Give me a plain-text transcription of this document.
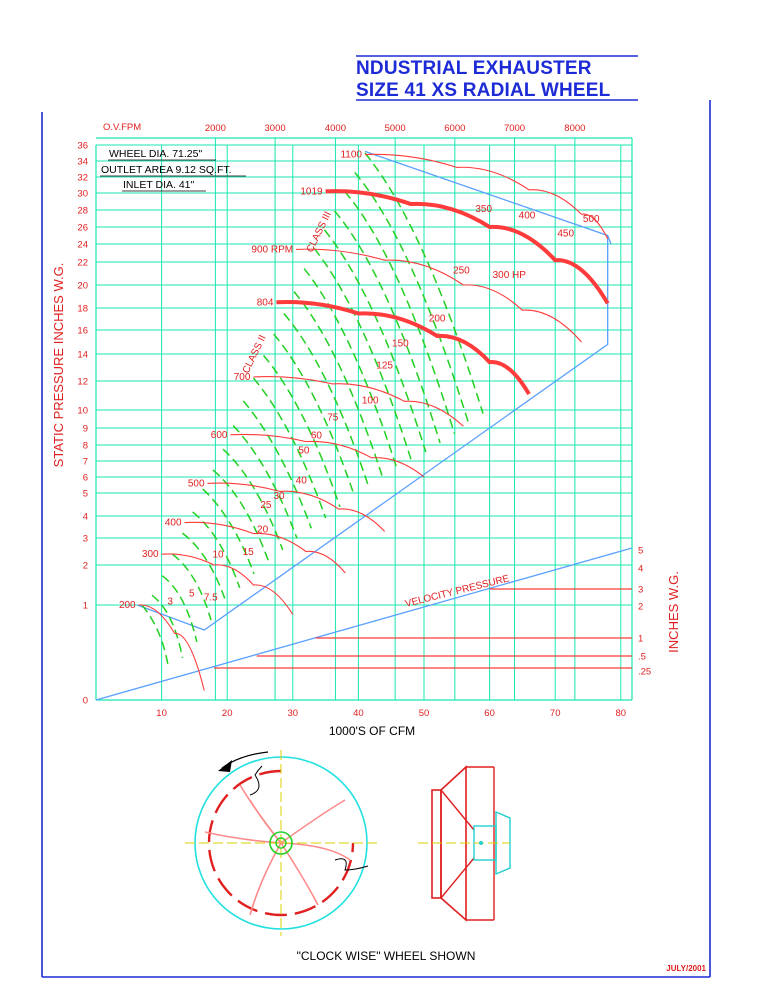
0
1
2
3
4
5
6
7
8
9
10
12
14
16
18
20
22
24
26
28
30
32
34
36
10	20	30	40	50	60	70	80
2000	3000	4000	5000	6000	7000	8000
5
4
3
2
1
.5
.25
VELOCITY PRESSURE
200
300
400
500
600
700
804
900 RPM
1019
1100
3
5 7.5
10 15
20
25
30
40
50
60
75
100
125
150
200
250 300 HP
350
400
450
500
CLASS II
CLASS III
WHEEL DIA. 71.25"
OUTLET AREA 9.12 SQ.FT.
INLET DIA. 41"
1000'S OF CFM
STATIC PRESSURE INCHES W.G.
INCHES W.G.
O.V.FPM
"CLOCK WISE" WHEEL SHOWN
JULY/2001
NDUSTRIAL EXHAUSTER
SIZE 41 XS RADIAL WHEEL
